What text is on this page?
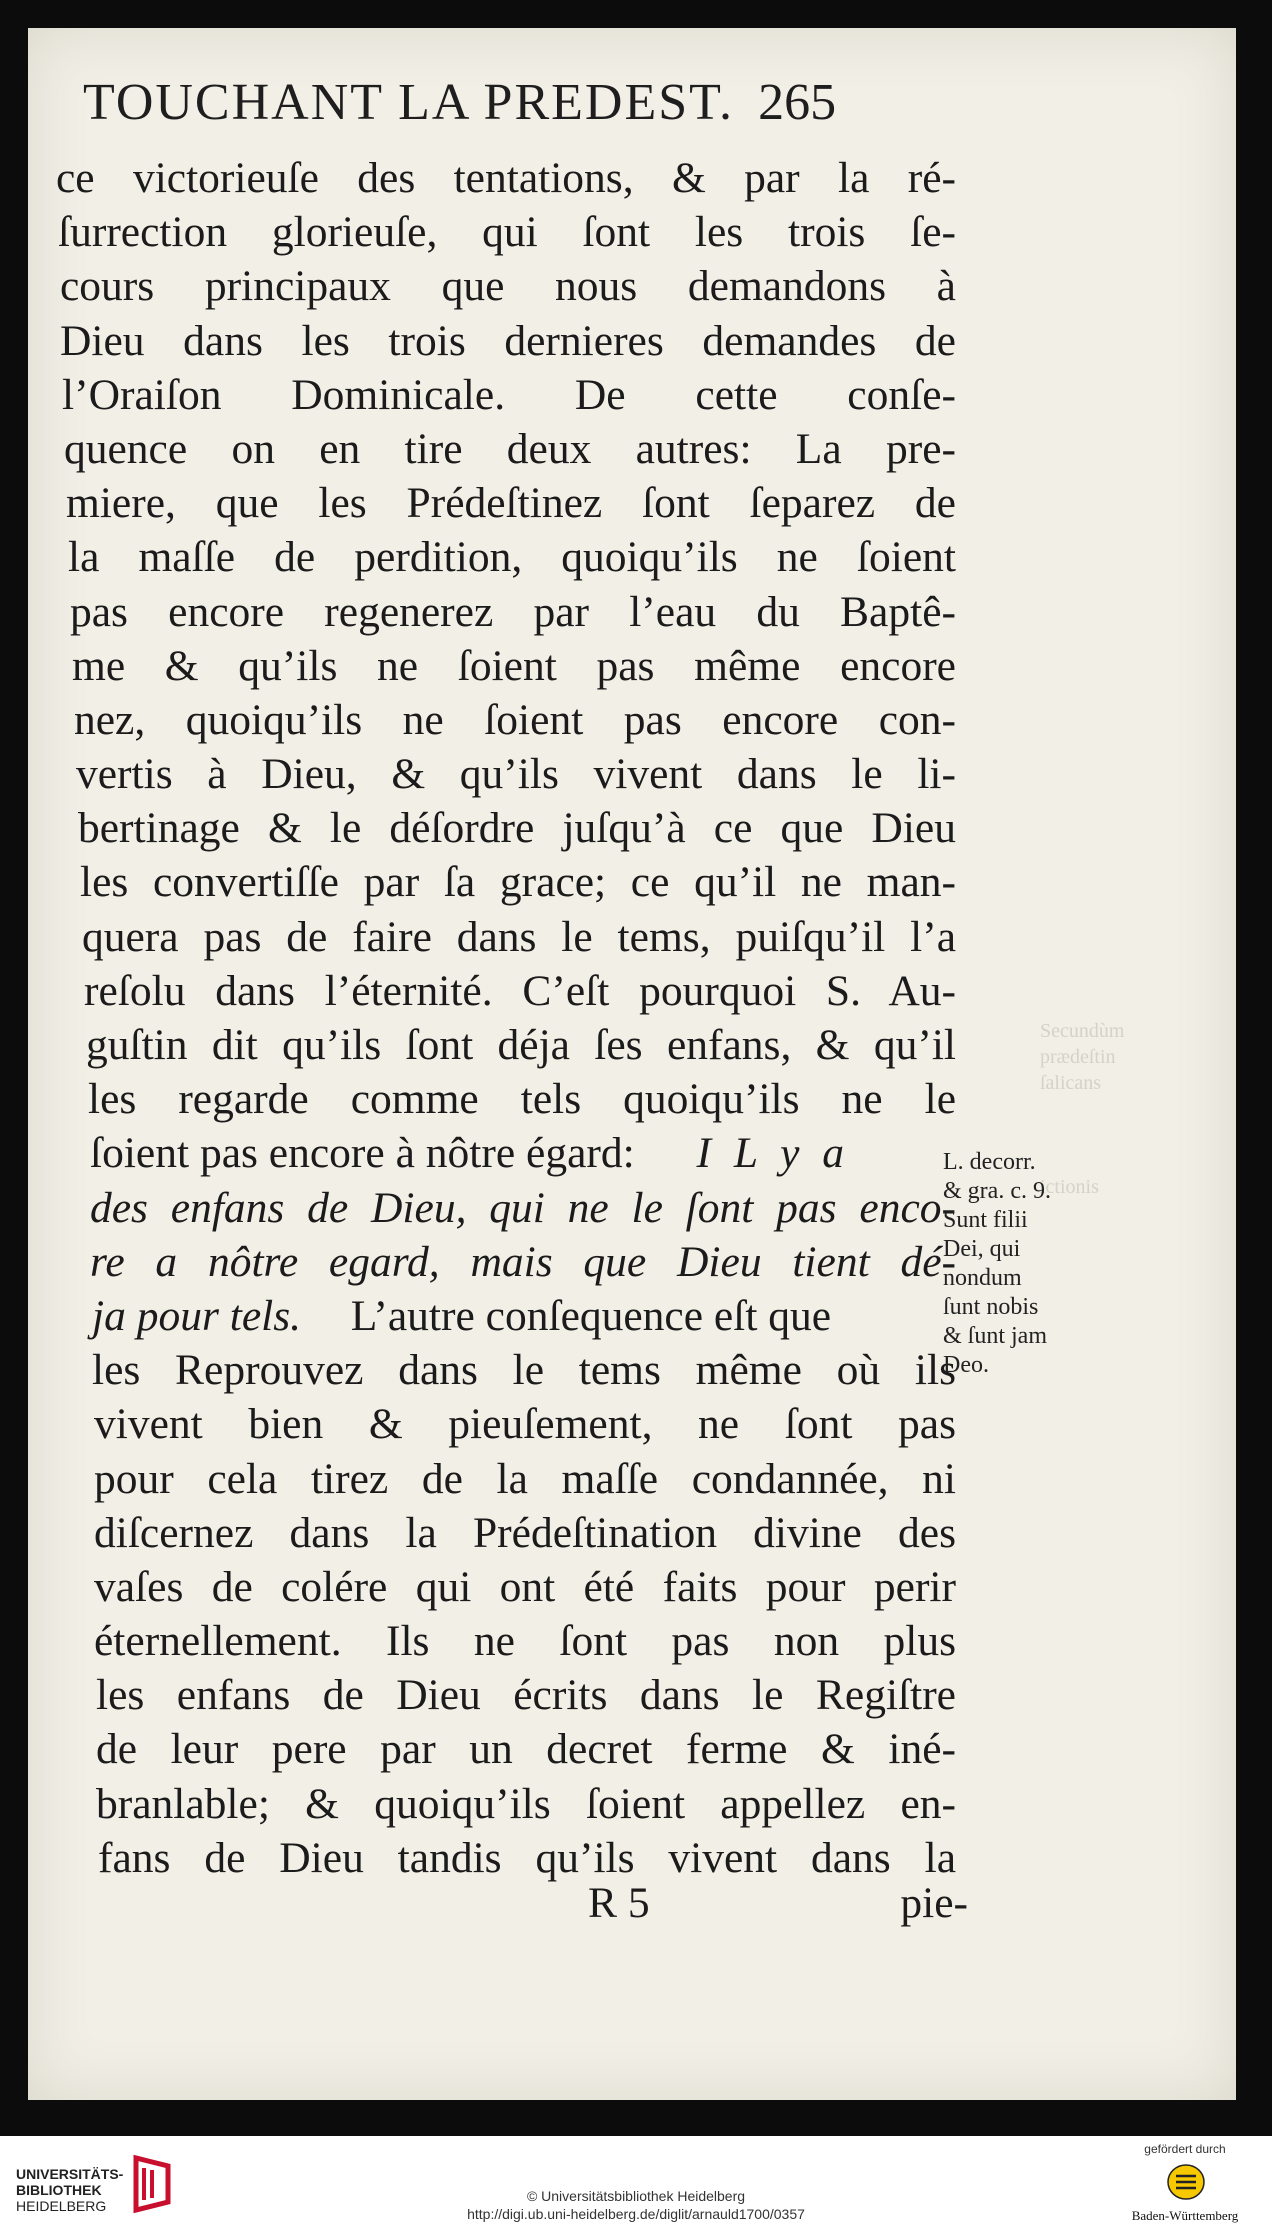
TOUCHANT LA PREDEST. 265
ce victorieuſe des tentations, & par la ré-
ſurrection glorieuſe, qui ſont les trois ſe-
cours principaux que nous demandons à
Dieu dans les trois dernieres demandes de
l’Oraiſon Dominicale. De cette conſe-
quence on en tire deux autres: La pre-
miere, que les Prédeſtinez ſont ſeparez de
la maſſe de perdition, quoiqu’ils ne ſoient
pas encore regenerez par l’eau du Baptê-
me & qu’ils ne ſoient pas même encore
nez, quoiqu’ils ne ſoient pas encore con-
vertis à Dieu, & qu’ils vivent dans le li-
bertinage & le déſordre juſqu’à ce que Dieu
les convertiſſe par ſa grace; ce qu’il ne man-
quera pas de faire dans le tems, puiſqu’il l’a
reſolu dans l’éternité. C’eſt pourquoi S. Au-
guſtin dit qu’ils ſont déja ſes enfans, & qu’il
les regarde comme tels quoiqu’ils ne le
ſoient pas encore à nôtre égard: I L y a
des enfans de Dieu, qui ne le ſont pas enco-
re a nôtre egard, mais que Dieu tient dé-
ja pour tels. L’autre conſequence eſt que
les Reprouvez dans le tems même où ils
vivent bien & pieuſement, ne ſont pas
pour cela tirez de la maſſe condannée, ni
diſcernez dans la Prédeſtination divine des
vaſes de colére qui ont été faits pour perir
éternellement. Ils ne ſont pas non plus
les enfans de Dieu écrits dans le Regiſtre
de leur pere par un decret ferme & iné-
branlable; & quoiqu’ils ſoient appellez en-
fans de Dieu tandis qu’ils vivent dans la
Secundùm
prædeſtin
ſalicans
ictionis
L. decorr.
& gra. c. 9.
Sunt filii
Dei, qui
nondum
ſunt nobis
& ſunt jam
Deo.
R 5	pie-
UNIVERSITÄTS-
BIBLIOTHEK
HEIDELBERG
© Universitätsbibliothek Heidelberg
http://digi.ub.uni-heidelberg.de/diglit/arnauld1700/0357
gefördert durch
Baden-Württemberg
